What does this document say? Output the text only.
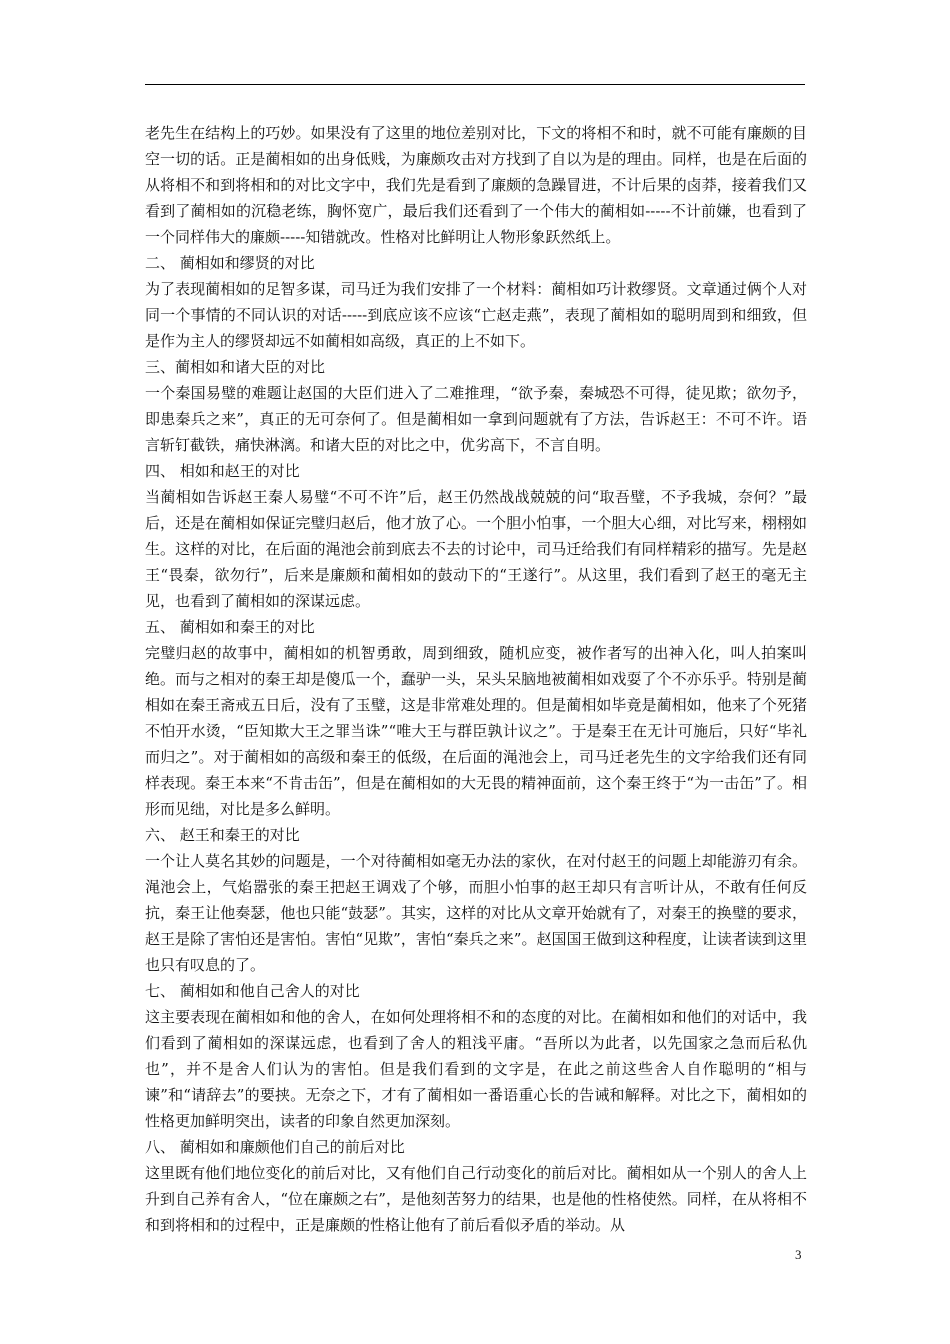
老先生在结构上的巧妙。如果没有了这里的地位差别对比，下文的将相不和时，就不可能有廉颇的目空一切的话。正是蔺相如的出身低贱，为廉颇攻击对方找到了自以为是的理由。同样，也是在后面的从将相不和到将相和的对比文字中，我们先是看到了廉颇的急躁冒进，不计后果的卤莽，接着我们又看到了蔺相如的沉稳老练，胸怀宽广，最后我们还看到了一个伟大的蔺相如-----不计前嫌，也看到了一个同样伟大的廉颇-----知错就改。性格对比鲜明让人物形象跃然纸上。

二、 蔺相如和缪贤的对比

为了表现蔺相如的足智多谋，司马迁为我们安排了一个材料：蔺相如巧计救缪贤。文章通过俩个人对同一个事情的不同认识的对话-----到底应该不应该“亡赵走燕”，表现了蔺相如的聪明周到和细致，但是作为主人的缪贤却远不如蔺相如高级，真正的上不如下。

三、蔺相如和诸大臣的对比

一个秦国易璧的难题让赵国的大臣们进入了二难推理，“欲予秦，秦城恐不可得，徒见欺；欲勿予，即患秦兵之来”，真正的无可奈何了。但是蔺相如一拿到问题就有了方法，告诉赵王：不可不许。语言斩钉截铁，痛快淋漓。和诸大臣的对比之中，优劣高下，不言自明。

四、 相如和赵王的对比

当蔺相如告诉赵王秦人易璧“不可不许”后，赵王仍然战战兢兢的问“取吾璧，不予我城，奈何？”最后，还是在蔺相如保证完璧归赵后，他才放了心。一个胆小怕事，一个胆大心细，对比写来，栩栩如生。这样的对比，在后面的渑池会前到底去不去的讨论中，司马迁给我们有同样精彩的描写。先是赵王“畏秦，欲勿行”，后来是廉颇和蔺相如的鼓动下的“王遂行”。从这里，我们看到了赵王的毫无主见，也看到了蔺相如的深谋远虑。

五、 蔺相如和秦王的对比

完璧归赵的故事中，蔺相如的机智勇敢，周到细致，随机应变，被作者写的出神入化，叫人拍案叫绝。而与之相对的秦王却是傻瓜一个，蠢驴一头，呆头呆脑地被蔺相如戏耍了个不亦乐乎。特别是蔺相如在秦王斋戒五日后，没有了玉璧，这是非常难处理的。但是蔺相如毕竟是蔺相如，他来了个死猪不怕开水烫，“臣知欺大王之罪当诛”“唯大王与群臣孰计议之”。于是秦王在无计可施后，只好“毕礼而归之”。对于蔺相如的高级和秦王的低级，在后面的渑池会上，司马迁老先生的文字给我们还有同样表现。秦王本来“不肯击缶”，但是在蔺相如的大无畏的精神面前，这个秦王终于“为一击缶”了。相形而见绌，对比是多么鲜明。

六、 赵王和秦王的对比

一个让人莫名其妙的问题是，一个对待蔺相如毫无办法的家伙，在对付赵王的问题上却能游刃有余。渑池会上，气焰嚣张的秦王把赵王调戏了个够，而胆小怕事的赵王却只有言听计从，不敢有任何反抗，秦王让他奏瑟，他也只能“鼓瑟”。其实，这样的对比从文章开始就有了，对秦王的换璧的要求，赵王是除了害怕还是害怕。害怕“见欺”，害怕“秦兵之来”。赵国国王做到这种程度，让读者读到这里也只有叹息的了。

七、 蔺相如和他自己舍人的对比

这主要表现在蔺相如和他的舍人，在如何处理将相不和的态度的对比。在蔺相如和他们的对话中，我们看到了蔺相如的深谋远虑，也看到了舍人的粗浅平庸。“吾所以为此者，以先国家之急而后私仇也”，并不是舍人们认为的害怕。但是我们看到的文字是，在此之前这些舍人自作聪明的“相与谏”和“请辞去”的要挟。无奈之下，才有了蔺相如一番语重心长的告诫和解释。对比之下，蔺相如的性格更加鲜明突出，读者的印象自然更加深刻。

八、 蔺相如和廉颇他们自己的前后对比

这里既有他们地位变化的前后对比，又有他们自己行动变化的前后对比。蔺相如从一个别人的舍人上升到自己养有舍人，“位在廉颇之右”，是他刻苦努力的结果，也是他的性格使然。同样，在从将相不和到将相和的过程中，正是廉颇的性格让他有了前后看似矛盾的举动。从

3
